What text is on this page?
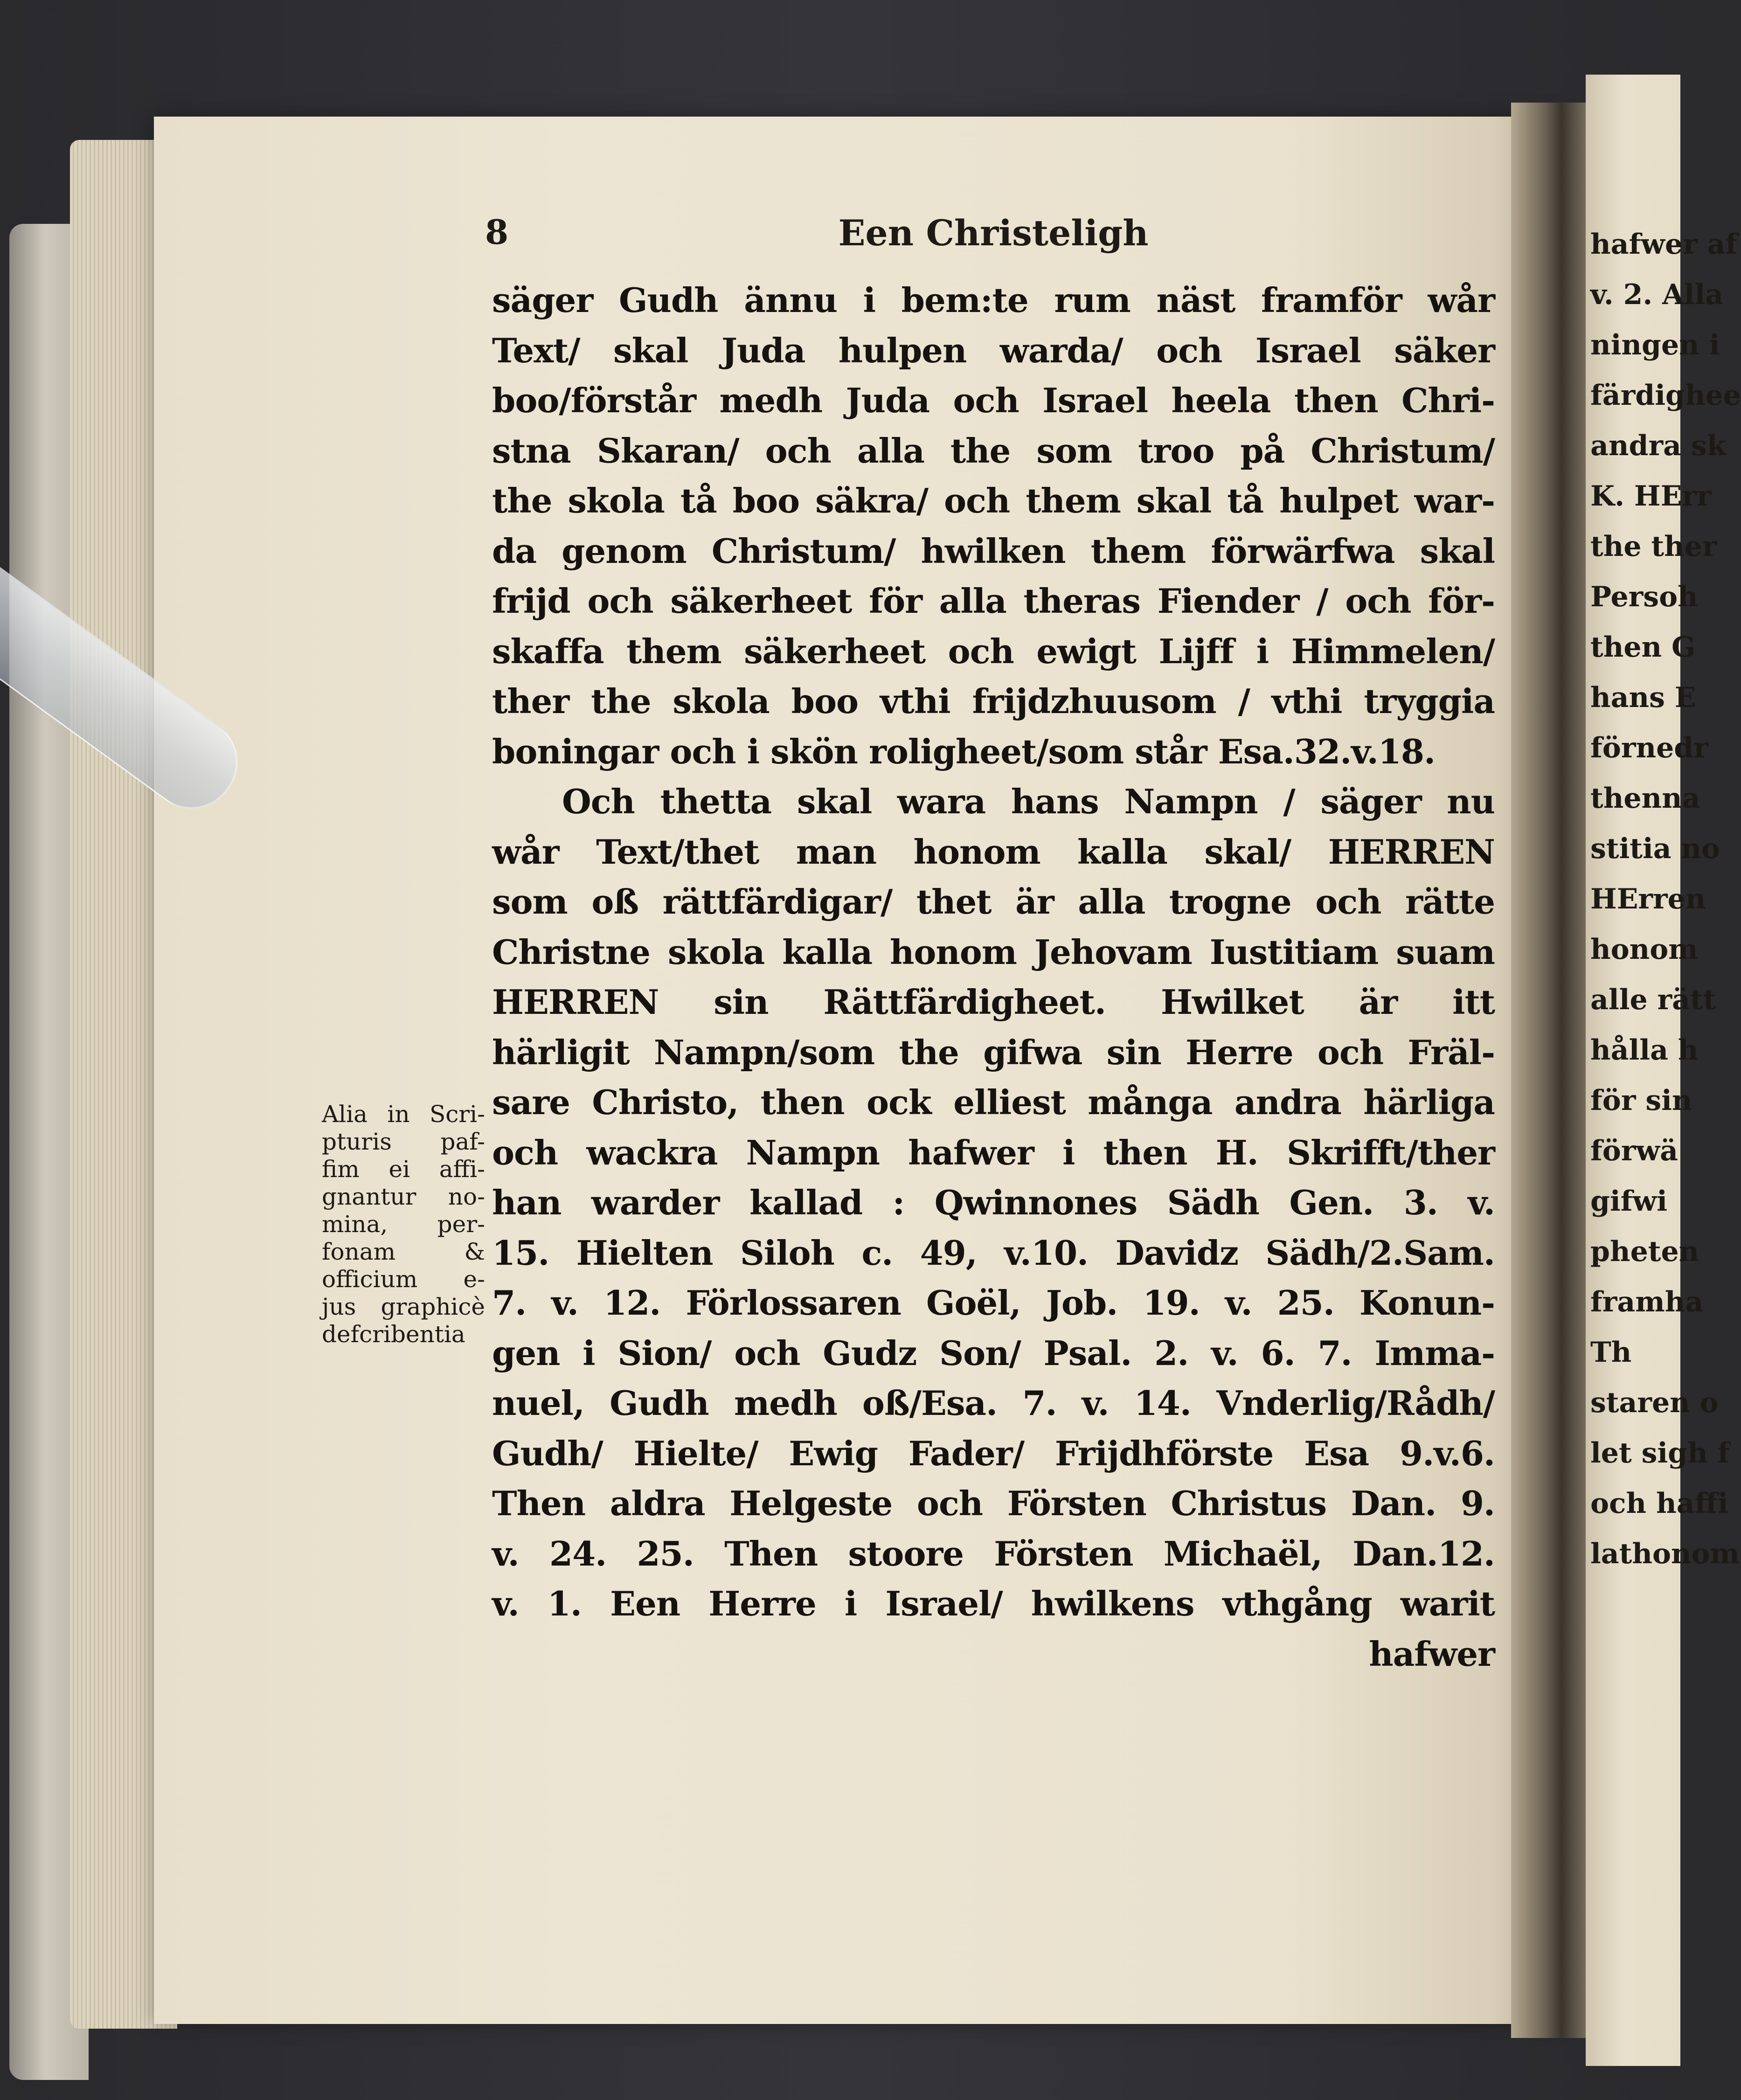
hafwer af
v. 2. Alla
ningen i
färdighee
andra sk
K. HErr
the ther
Persoh
then G
hans E
förnedr
thenna
stitia no
HErren
honom
alle rätt
hålla h
för sin
förwä
gifwi
pheten
framha
Th
staren o
let sigh f
och haffi
lathonom

8	Een Christeligh
säger Gudh ännu i bem:te rum näst framför wår
Text/ skal Juda hulpen warda/ och Israel säker
boo/förstår medh Juda och Israel heela then Chri-
stna Skaran/ och alla the som troo på Christum/
the skola tå boo säkra/ och them skal tå hulpet war-
da genom Christum/ hwilken them förwärfwa skal
frijd och säkerheet för alla theras Fiender / och för-
skaffa them säkerheet och ewigt Lijff i Himmelen/
ther the skola boo vthi frijdzhuusom / vthi tryggia
boningar och i skön roligheet/som står Esa.32.v.18.
Och thetta skal wara hans Nampn / säger nu
wår Text/thet man honom kalla skal/ HERREN
som oß rättfärdigar/ thet är alla trogne och rätte
Christne skola kalla honom Jehovam Iustitiam suam
HERREN sin Rättfärdigheet. Hwilket är itt
härligit Nampn/som the gifwa sin Herre och Fräl-
sare Christo, then ock elliest många andra härliga
och wackra Nampn hafwer i then H. Skrifft/ther
han warder kallad : Qwinnones Sädh Gen. 3. v.
15. Hielten Siloh c. 49, v.10. Davidz Sädh/2.Sam.
7. v. 12. Förlossaren Goël, Job. 19. v. 25. Konun-
gen i Sion/ och Gudz Son/ Psal. 2. v. 6. 7. Imma-
nuel, Gudh medh oß/Esa. 7. v. 14. Vnderlig/Rådh/
Gudh/ Hielte/ Ewig Fader/ Frijdhförste Esa 9.v.6.
Then aldra Helgeste och Försten Christus Dan. 9.
v. 24. 25. Then stoore Försten Michaël, Dan.12.
v. 1. Een Herre i Israel/ hwilkens vthgång warit
hafwer
Alia in Scri-
pturis paf-
fim ei affi-
gnantur no-
mina, per-
fonam &
officium e-
jus graphicè
defcribentia
